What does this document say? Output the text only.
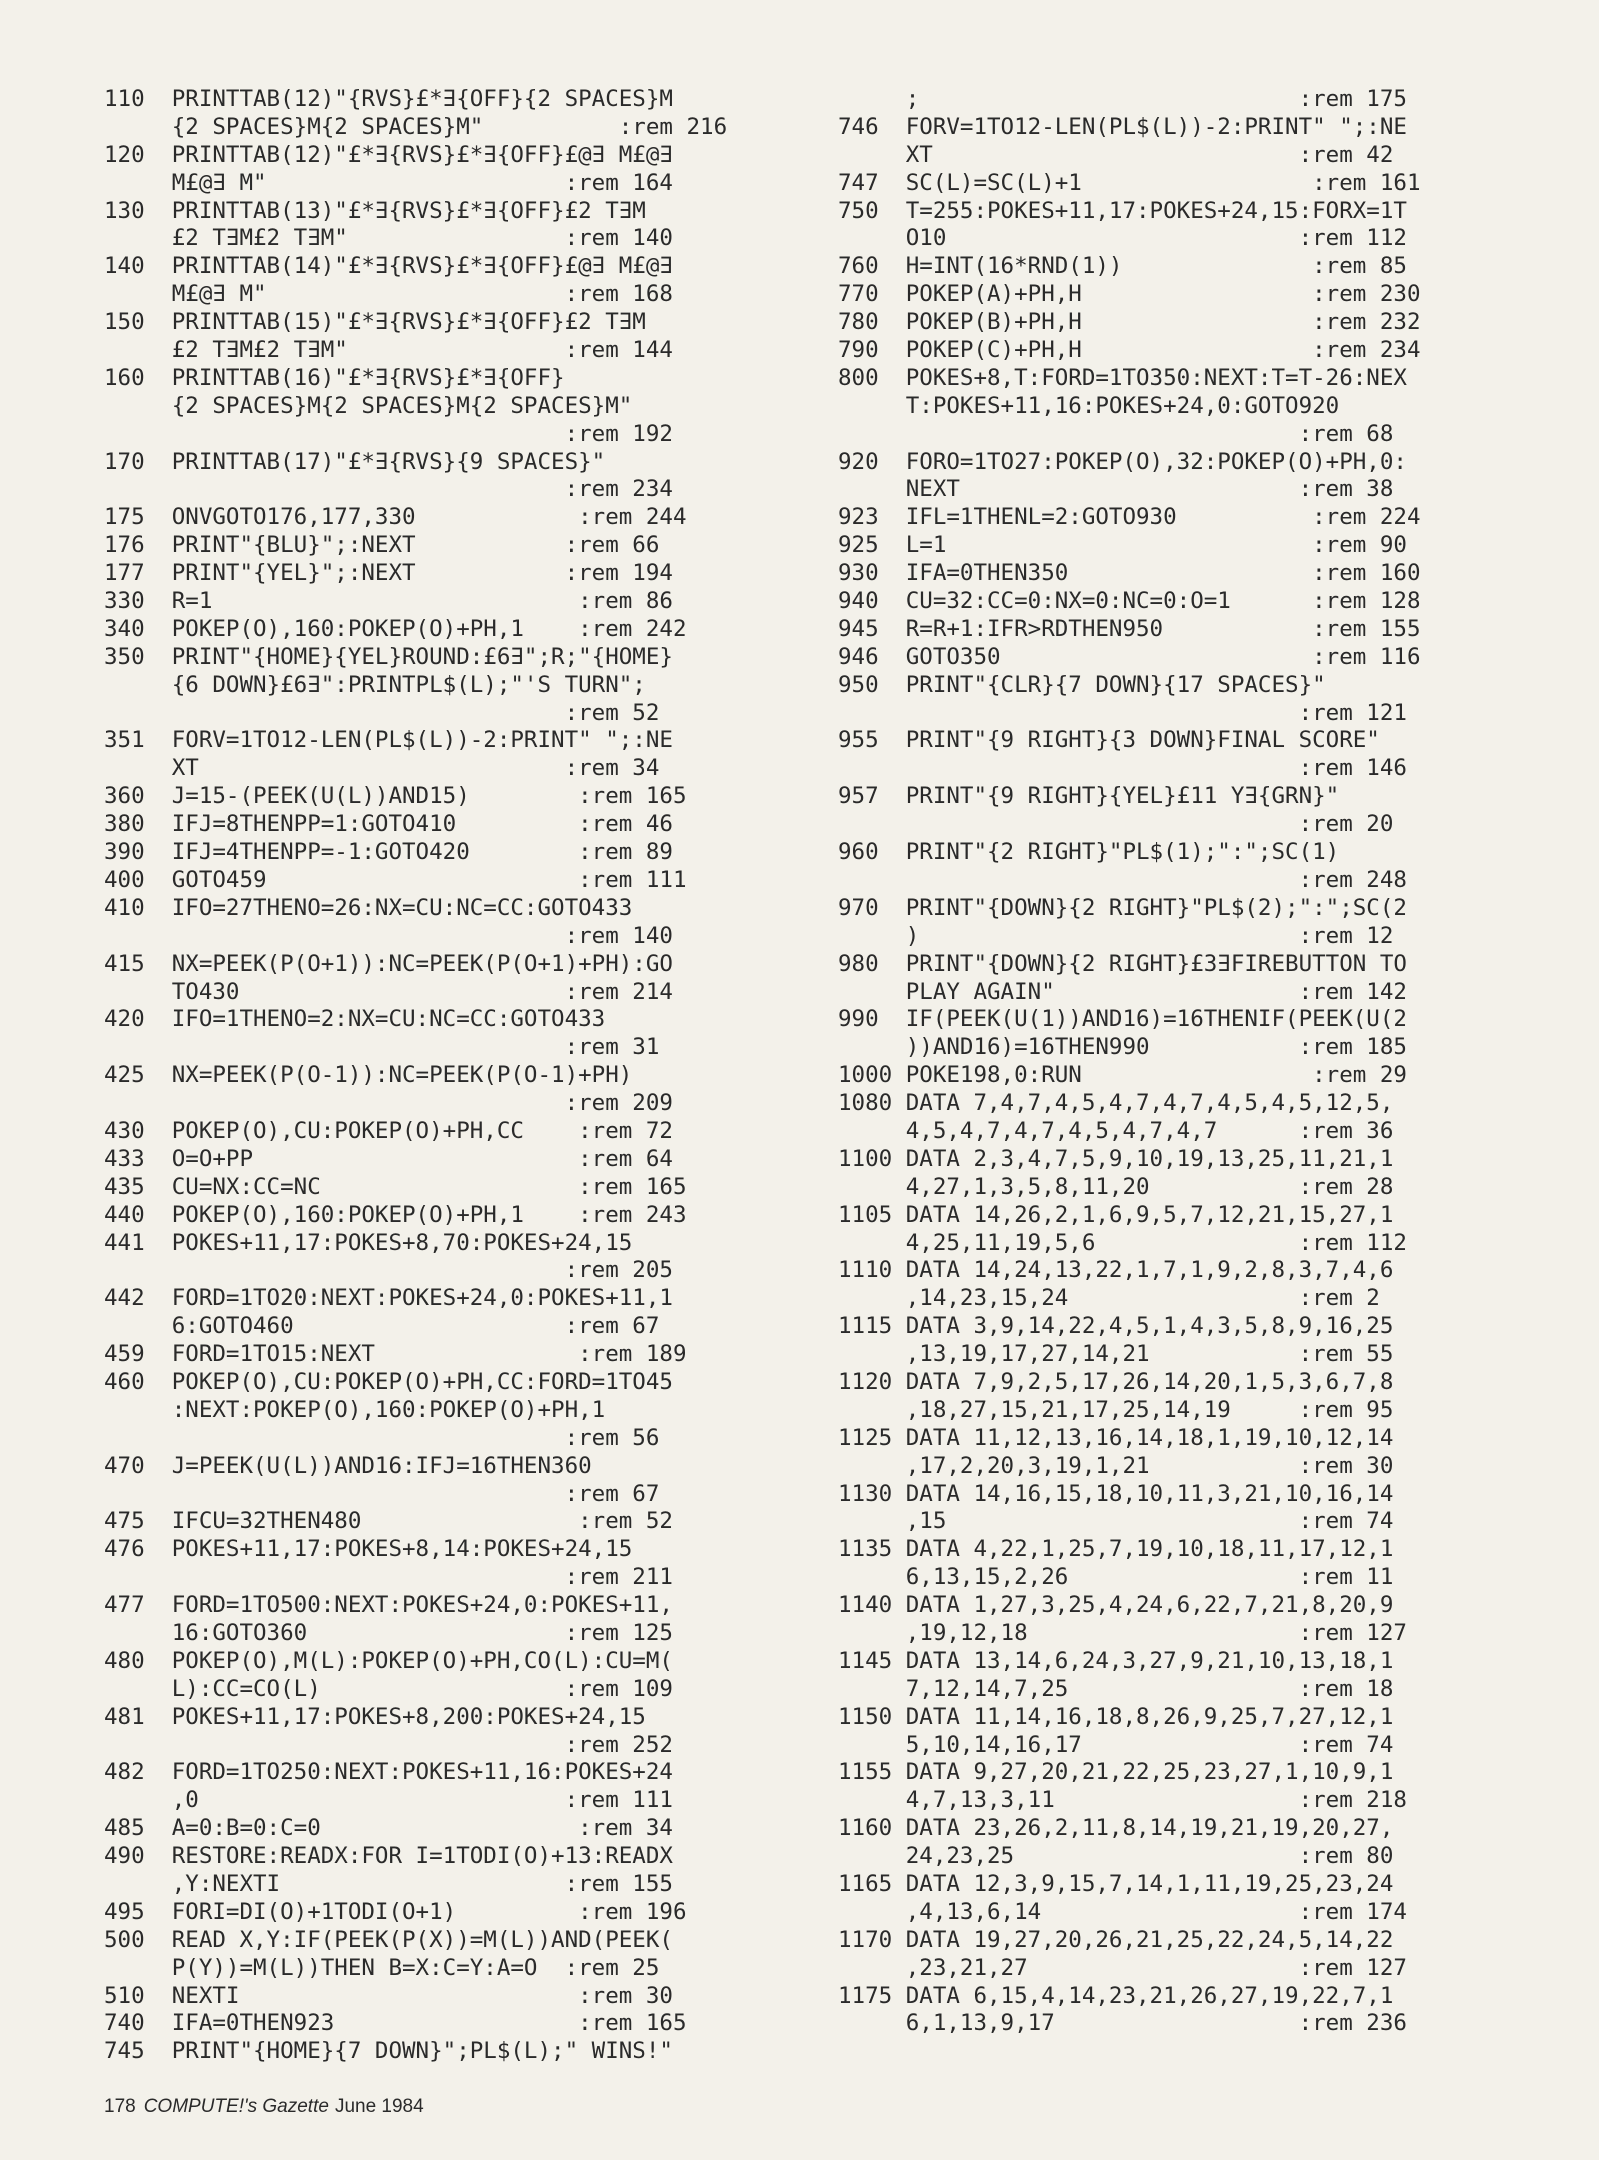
110  PRINTTAB(12)"{RVS}£*∃{OFF}{2 SPACES}M
{2 SPACES}M{2 SPACES}M"          :rem 216
120  PRINTTAB(12)"£*∃{RVS}£*∃{OFF}£@∃ M£@∃
M£@∃ M"                      :rem 164
130  PRINTTAB(13)"£*∃{RVS}£*∃{OFF}£2 T∃M
£2 T∃M£2 T∃M"                :rem 140
140  PRINTTAB(14)"£*∃{RVS}£*∃{OFF}£@∃ M£@∃
M£@∃ M"                      :rem 168
150  PRINTTAB(15)"£*∃{RVS}£*∃{OFF}£2 T∃M
£2 T∃M£2 T∃M"                :rem 144
160  PRINTTAB(16)"£*∃{RVS}£*∃{OFF}
{2 SPACES}M{2 SPACES}M{2 SPACES}M"
:rem 192
170  PRINTTAB(17)"£*∃{RVS}{9 SPACES}"
:rem 234
175  ONVGOTO176,177,330            :rem 244
176  PRINT"{BLU}";:NEXT           :rem 66
177  PRINT"{YEL}";:NEXT           :rem 194
330  R=1                           :rem 86
340  POKEP(O),160:POKEP(O)+PH,1    :rem 242
350  PRINT"{HOME}{YEL}ROUND:£6∃";R;"{HOME}
{6 DOWN}£6∃":PRINTPL$(L);"'S TURN";
:rem 52
351  FORV=1TO12-LEN(PL$(L))-2:PRINT" ";:NE
XT                           :rem 34
360  J=15-(PEEK(U(L))AND15)        :rem 165
380  IFJ=8THENPP=1:GOTO410         :rem 46
390  IFJ=4THENPP=-1:GOTO420        :rem 89
400  GOTO459                       :rem 111
410  IFO=27THENO=26:NX=CU:NC=CC:GOTO433
:rem 140
415  NX=PEEK(P(O+1)):NC=PEEK(P(O+1)+PH):GO
TO430                        :rem 214
420  IFO=1THENO=2:NX=CU:NC=CC:GOTO433
:rem 31
425  NX=PEEK(P(O-1)):NC=PEEK(P(O-1)+PH)
:rem 209
430  POKEP(O),CU:POKEP(O)+PH,CC    :rem 72
433  O=O+PP                        :rem 64
435  CU=NX:CC=NC                   :rem 165
440  POKEP(O),160:POKEP(O)+PH,1    :rem 243
441  POKES+11,17:POKES+8,70:POKES+24,15
:rem 205
442  FORD=1TO20:NEXT:POKES+24,0:POKES+11,1
6:GOTO460                    :rem 67
459  FORD=1TO15:NEXT               :rem 189
460  POKEP(O),CU:POKEP(O)+PH,CC:FORD=1TO45
:NEXT:POKEP(O),160:POKEP(O)+PH,1
:rem 56
470  J=PEEK(U(L))AND16:IFJ=16THEN360
:rem 67
475  IFCU=32THEN480                :rem 52
476  POKES+11,17:POKES+8,14:POKES+24,15
:rem 211
477  FORD=1TO500:NEXT:POKES+24,0:POKES+11,
16:GOTO360                   :rem 125
480  POKEP(O),M(L):POKEP(O)+PH,CO(L):CU=M(
L):CC=CO(L)                  :rem 109
481  POKES+11,17:POKES+8,200:POKES+24,15
:rem 252
482  FORD=1TO250:NEXT:POKES+11,16:POKES+24
,0                           :rem 111
485  A=0:B=0:C=0                   :rem 34
490  RESTORE:READX:FOR I=1TODI(O)+13:READX
,Y:NEXTI                     :rem 155
495  FORI=DI(O)+1TODI(O+1)         :rem 196
500  READ X,Y:IF(PEEK(P(X))=M(L))AND(PEEK(
P(Y))=M(L))THEN B=X:C=Y:A=O  :rem 25
510  NEXTI                         :rem 30
740  IFA=0THEN923                  :rem 165
745  PRINT"{HOME}{7 DOWN}";PL$(L);" WINS!"
;                            :rem 175
746  FORV=1TO12-LEN(PL$(L))-2:PRINT" ";:NE
XT                           :rem 42
747  SC(L)=SC(L)+1                 :rem 161
750  T=255:POKES+11,17:POKES+24,15:FORX=1T
O10                          :rem 112
760  H=INT(16*RND(1))              :rem 85
770  POKEP(A)+PH,H                 :rem 230
780  POKEP(B)+PH,H                 :rem 232
790  POKEP(C)+PH,H                 :rem 234
800  POKES+8,T:FORD=1TO350:NEXT:T=T-26:NEX
T:POKES+11,16:POKES+24,0:GOTO920
:rem 68
920  FORO=1TO27:POKEP(O),32:POKEP(O)+PH,0:
NEXT                         :rem 38
923  IFL=1THENL=2:GOTO930          :rem 224
925  L=1                           :rem 90
930  IFA=0THEN350                  :rem 160
940  CU=32:CC=0:NX=0:NC=0:O=1      :rem 128
945  R=R+1:IFR>RDTHEN950           :rem 155
946  GOTO350                       :rem 116
950  PRINT"{CLR}{7 DOWN}{17 SPACES}"
:rem 121
955  PRINT"{9 RIGHT}{3 DOWN}FINAL SCORE"
:rem 146
957  PRINT"{9 RIGHT}{YEL}£11 Y∃{GRN}"
:rem 20
960  PRINT"{2 RIGHT}"PL$(1);":";SC(1)
:rem 248
970  PRINT"{DOWN}{2 RIGHT}"PL$(2);":";SC(2
)                            :rem 12
980  PRINT"{DOWN}{2 RIGHT}£3∃FIREBUTTON TO
PLAY AGAIN"                  :rem 142
990  IF(PEEK(U(1))AND16)=16THENIF(PEEK(U(2
))AND16)=16THEN990           :rem 185
1000 POKE198,0:RUN                 :rem 29
1080 DATA 7,4,7,4,5,4,7,4,7,4,5,4,5,12,5,
4,5,4,7,4,7,4,5,4,7,4,7      :rem 36
1100 DATA 2,3,4,7,5,9,10,19,13,25,11,21,1
4,27,1,3,5,8,11,20           :rem 28
1105 DATA 14,26,2,1,6,9,5,7,12,21,15,27,1
4,25,11,19,5,6               :rem 112
1110 DATA 14,24,13,22,1,7,1,9,2,8,3,7,4,6
,14,23,15,24                 :rem 2
1115 DATA 3,9,14,22,4,5,1,4,3,5,8,9,16,25
,13,19,17,27,14,21           :rem 55
1120 DATA 7,9,2,5,17,26,14,20,1,5,3,6,7,8
,18,27,15,21,17,25,14,19     :rem 95
1125 DATA 11,12,13,16,14,18,1,19,10,12,14
,17,2,20,3,19,1,21           :rem 30
1130 DATA 14,16,15,18,10,11,3,21,10,16,14
,15                          :rem 74
1135 DATA 4,22,1,25,7,19,10,18,11,17,12,1
6,13,15,2,26                 :rem 11
1140 DATA 1,27,3,25,4,24,6,22,7,21,8,20,9
,19,12,18                    :rem 127
1145 DATA 13,14,6,24,3,27,9,21,10,13,18,1
7,12,14,7,25                 :rem 18
1150 DATA 11,14,16,18,8,26,9,25,7,27,12,1
5,10,14,16,17                :rem 74
1155 DATA 9,27,20,21,22,25,23,27,1,10,9,1
4,7,13,3,11                  :rem 218
1160 DATA 23,26,2,11,8,14,19,21,19,20,27,
24,23,25                     :rem 80
1165 DATA 12,3,9,15,7,14,1,11,19,25,23,24
,4,13,6,14                   :rem 174
1170 DATA 19,27,20,26,21,25,22,24,5,14,22
,23,21,27                    :rem 127
1175 DATA 6,15,4,14,23,21,26,27,19,22,7,1
6,1,13,9,17                  :rem 236
178 COMPUTE!'s Gazette June 1984
